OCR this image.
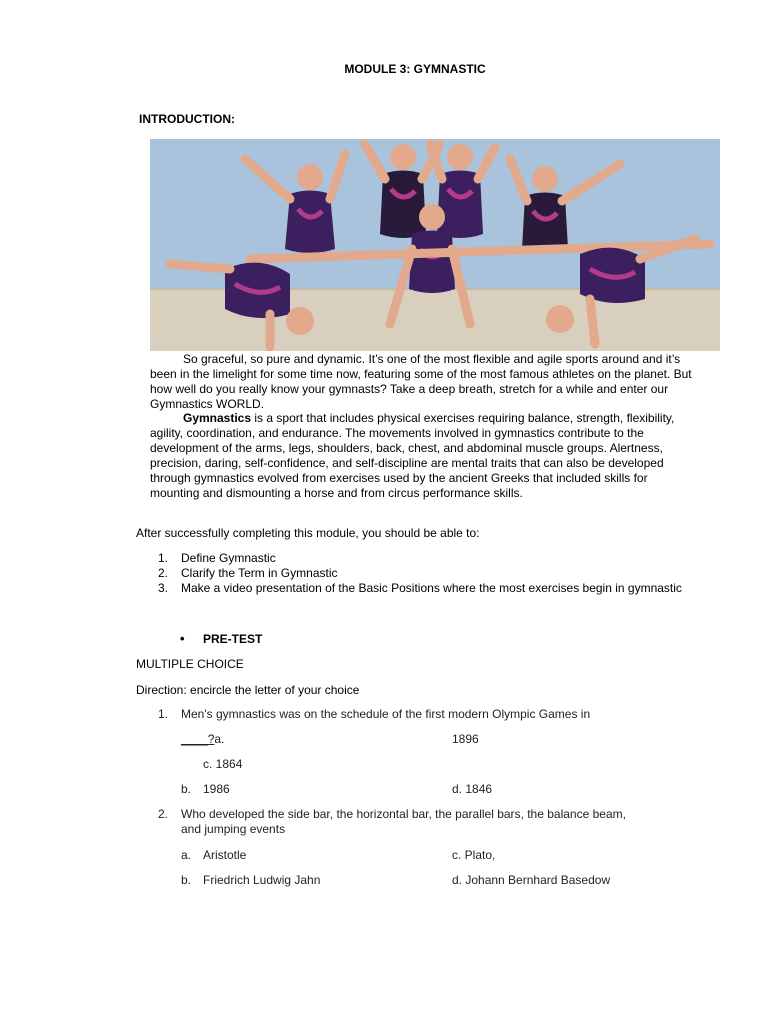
MODULE 3: GYMNASTIC
INTRODUCTION:
So graceful, so pure and dynamic. It’s one of the most flexible and agile sports around and it’s been in the limelight for some time now, featuring some of the most famous athletes on the planet. But how well do you really know your gymnasts? Take a deep breath, stretch for a while and enter our Gymnastics WORLD.
Gymnastics is a sport that includes physical exercises requiring balance, strength, flexibility, agility, coordination, and endurance. The movements involved in gymnastics contribute to the development of the arms, legs, shoulders, back, chest, and abdominal muscle groups. Alertness, precision, daring, self-confidence, and self-discipline are mental traits that can also be developed through gymnastics evolved from exercises used by the ancient Greeks that included skills for mounting and dismounting a horse and from circus performance skills.
After successfully completing this module, you should be able to:
1. Define Gymnastic
2. Clarify the Term in Gymnastic
3. Make a video presentation of the Basic Positions where the most exercises begin in gymnastic
• PRE-TEST
MULTIPLE CHOICE
Direction: encircle the letter of your choice
1. Men's gymnastics was on the schedule of the first modern Olympic Games in
____?a.	1896
c. 1864
b. 1986	d. 1846
2. Who developed the side bar, the horizontal bar, the parallel bars, the balance beam, and jumping events
a. Aristotle	c. Plato,
b. Friedrich Ludwig Jahn	d. Johann Bernhard Basedow
